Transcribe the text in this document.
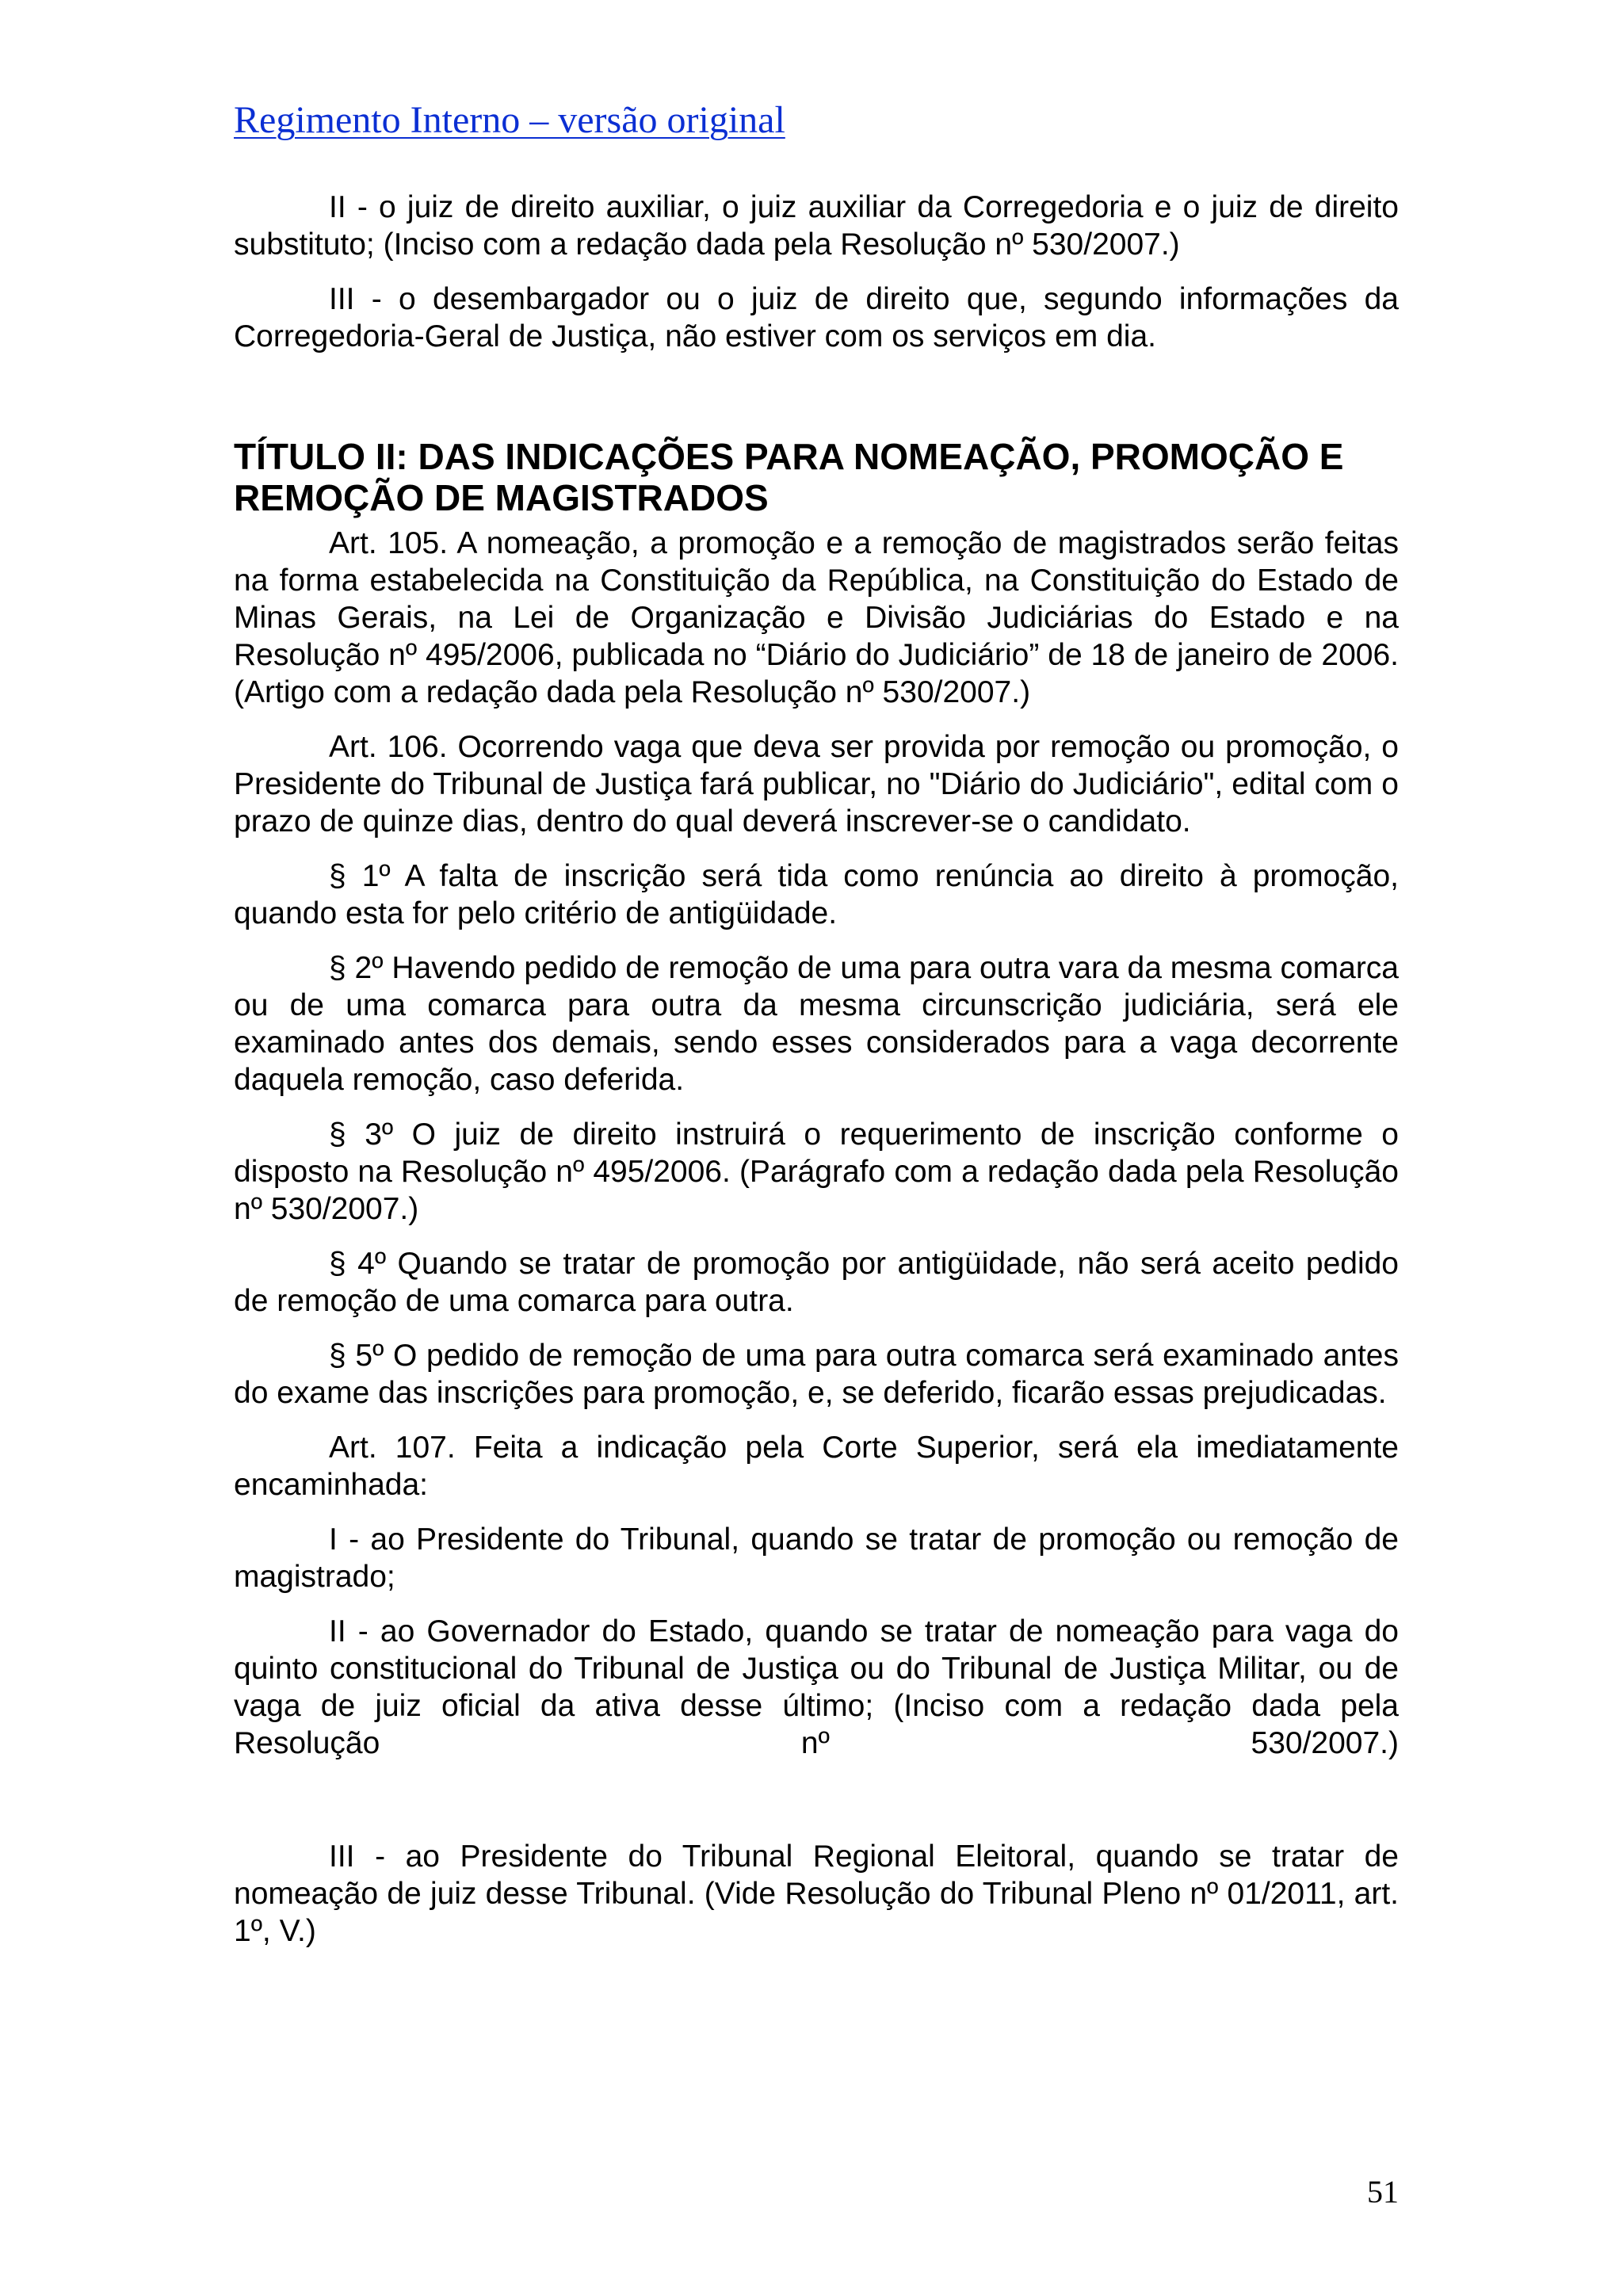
Regimento Interno – versão original

II - o juiz de direito auxiliar, o juiz auxiliar da Corregedoria e o juiz de direito substituto; (Inciso com a redação dada pela Resolução nº 530/2007.)

III - o desembargador ou o juiz de direito que, segundo informações da Corregedoria-Geral de Justiça, não estiver com os serviços em dia.

TÍTULO II: DAS INDICAÇÕES PARA NOMEAÇÃO, PROMOÇÃO E REMOÇÃO DE MAGISTRADOS

Art. 105. A nomeação, a promoção e a remoção de magistrados serão feitas na forma estabelecida na Constituição da República, na Constituição do Estado de Minas Gerais, na Lei de Organização e Divisão Judiciárias do Estado e na Resolução nº 495/2006, publicada no “Diário do Judiciário” de 18 de janeiro de 2006. (Artigo com a redação dada pela Resolução nº 530/2007.)

Art. 106. Ocorrendo vaga que deva ser provida por remoção ou promoção, o Presidente do Tribunal de Justiça fará publicar, no "Diário do Judiciário", edital com o prazo de quinze dias, dentro do qual deverá inscrever-se o candidato.

§ 1º A falta de inscrição será tida como renúncia ao direito à promoção, quando esta for pelo critério de antigüidade.

§ 2º Havendo pedido de remoção de uma para outra vara da mesma comarca ou de uma comarca para outra da mesma circunscrição judiciária, será ele examinado antes dos demais, sendo esses considerados para a vaga decorrente daquela remoção, caso deferida.

§ 3º O juiz de direito instruirá o requerimento de inscrição conforme o disposto na Resolução nº 495/2006. (Parágrafo com a redação dada pela Resolução nº 530/2007.)

§ 4º Quando se tratar de promoção por antigüidade, não será aceito pedido de remoção de uma comarca para outra.

§ 5º O pedido de remoção de uma para outra comarca será examinado antes do exame das inscrições para promoção, e, se deferido, ficarão essas prejudicadas.

Art. 107. Feita a indicação pela Corte Superior, será ela imediatamente encaminhada:

I - ao Presidente do Tribunal, quando se tratar de promoção ou remoção de magistrado;

II - ao Governador do Estado, quando se tratar de nomeação para vaga do quinto constitucional do Tribunal de Justiça ou do Tribunal de Justiça Militar, ou de vaga de juiz oficial da ativa desse último; (Inciso com a redação dada pela Resolução nº 530/2007.)

III - ao Presidente do Tribunal Regional Eleitoral, quando se tratar de nomeação de juiz desse Tribunal. (Vide Resolução do Tribunal Pleno nº 01/2011, art. 1º, V.)

51
